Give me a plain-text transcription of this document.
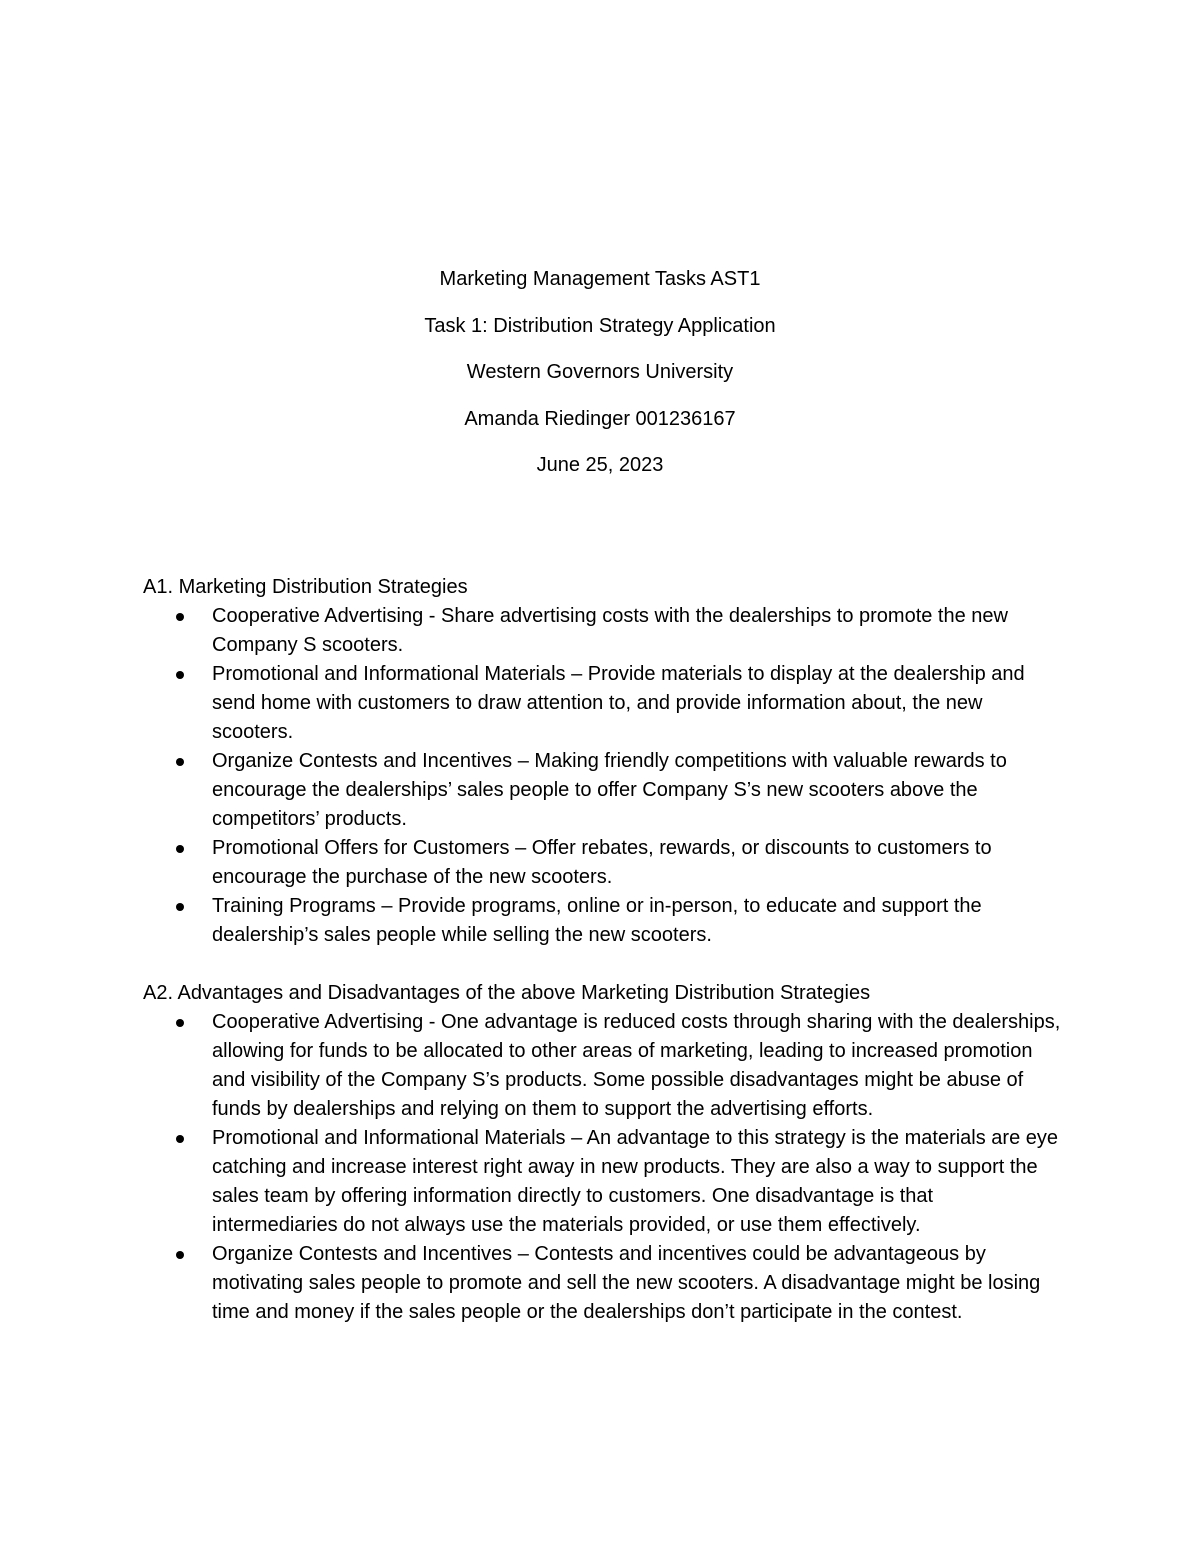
Marketing Management Tasks AST1
Task 1: Distribution Strategy Application
Western Governors University
Amanda Riedinger 001236167
June 25, 2023

A1. Marketing Distribution Strategies

Cooperative Advertising - Share advertising costs with the dealerships to promote the new Company S scooters.
Promotional and Informational Materials – Provide materials to display at the dealership and send home with customers to draw attention to, and provide information about, the new scooters.
Organize Contests and Incentives – Making friendly competitions with valuable rewards to encourage the dealerships’ sales people to offer Company S’s new scooters above the competitors’ products.
Promotional Offers for Customers – Offer rebates, rewards, or discounts to customers to encourage the purchase of the new scooters.
Training Programs – Provide programs, online or in-person, to educate and support the dealership’s sales people while selling the new scooters.

A2. Advantages and Disadvantages of the above Marketing Distribution Strategies

Cooperative Advertising - One advantage is reduced costs through sharing with the dealerships, allowing for funds to be allocated to other areas of marketing, leading to increased promotion and visibility of the Company S’s products. Some possible disadvantages might be abuse of funds by dealerships and relying on them to support the advertising efforts.
Promotional and Informational Materials – An advantage to this strategy is the materials are eye catching and increase interest right away in new products. They are also a way to support the sales team by offering information directly to customers. One disadvantage is that intermediaries do not always use the materials provided, or use them effectively.
Organize Contests and Incentives – Contests and incentives could be advantageous by motivating sales people to promote and sell the new scooters. A disadvantage might be losing time and money if the sales people or the dealerships don’t participate in the contest.
